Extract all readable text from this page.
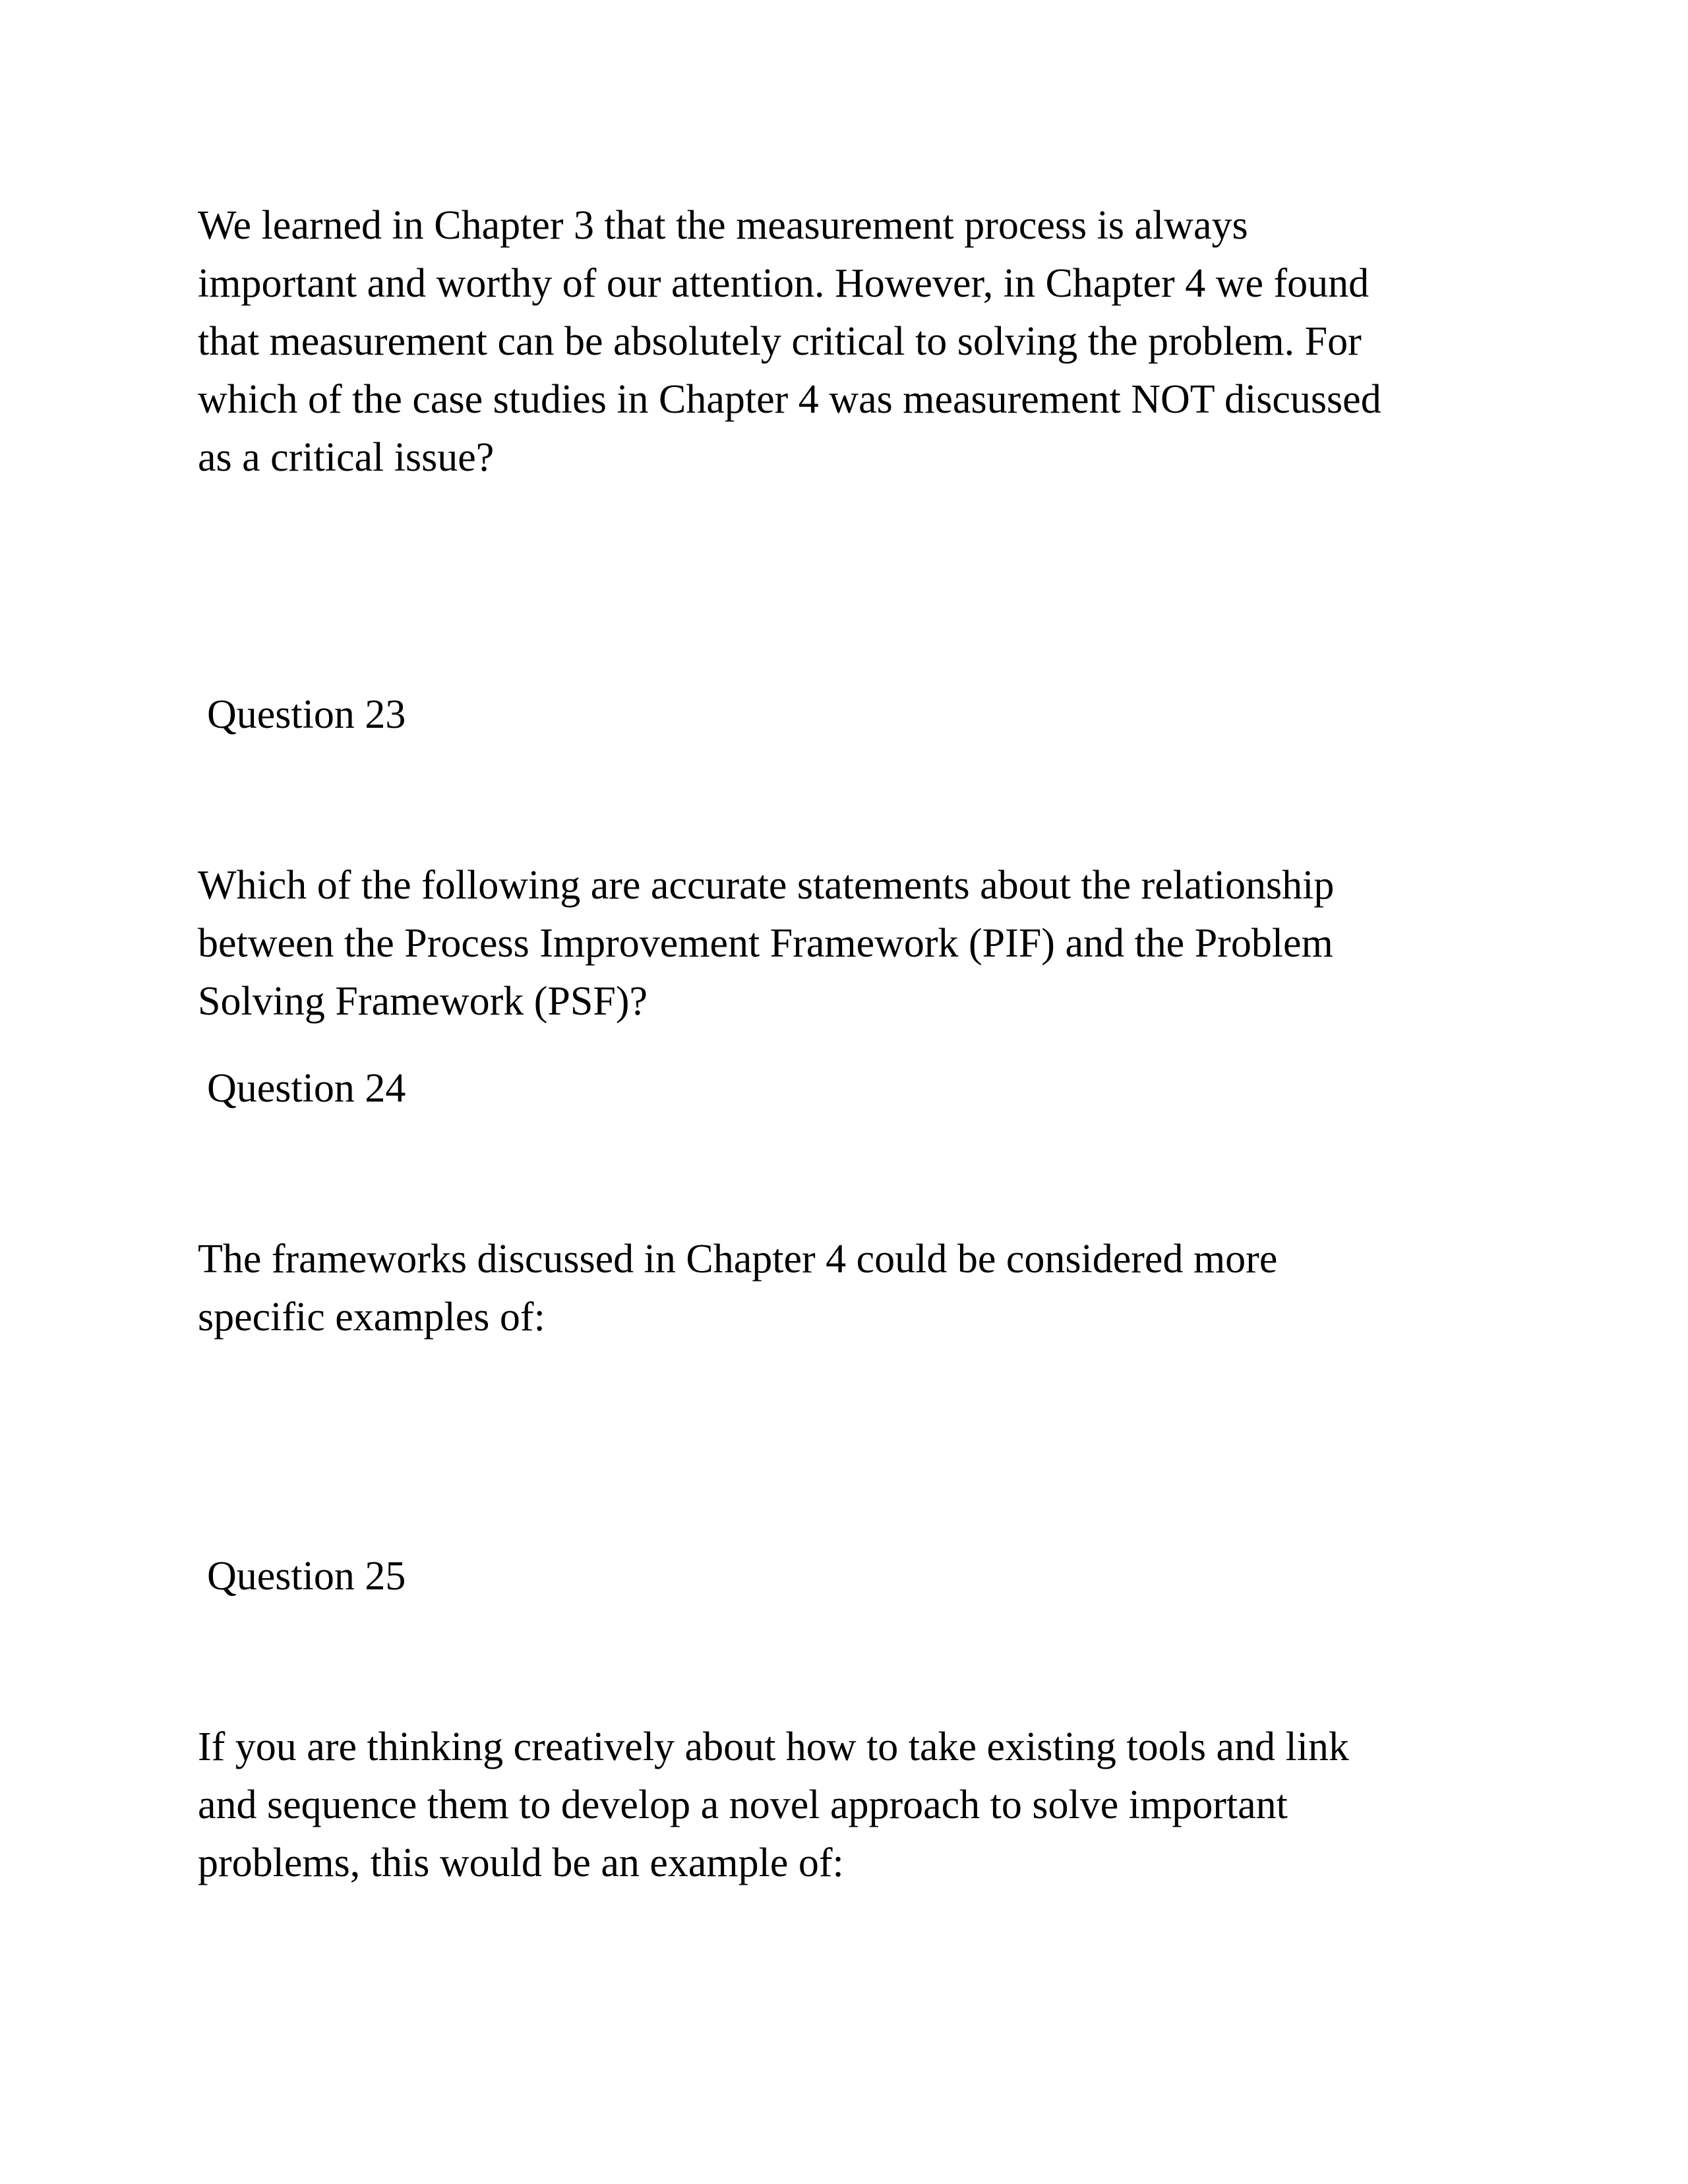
We learned in Chapter 3 that the measurement process is always
important and worthy of our attention. However, in Chapter 4 we found
that measurement can be absolutely critical to solving the problem. For
which of the case studies in Chapter 4 was measurement NOT discussed
as a critical issue?

Question 23

Which of the following are accurate statements about the relationship
between the Process Improvement Framework (PIF) and the Problem
Solving Framework (PSF)?

Question 24

The frameworks discussed in Chapter 4 could be considered more
specific examples of:

Question 25

If you are thinking creatively about how to take existing tools and link
and sequence them to develop a novel approach to solve important
problems, this would be an example of:
